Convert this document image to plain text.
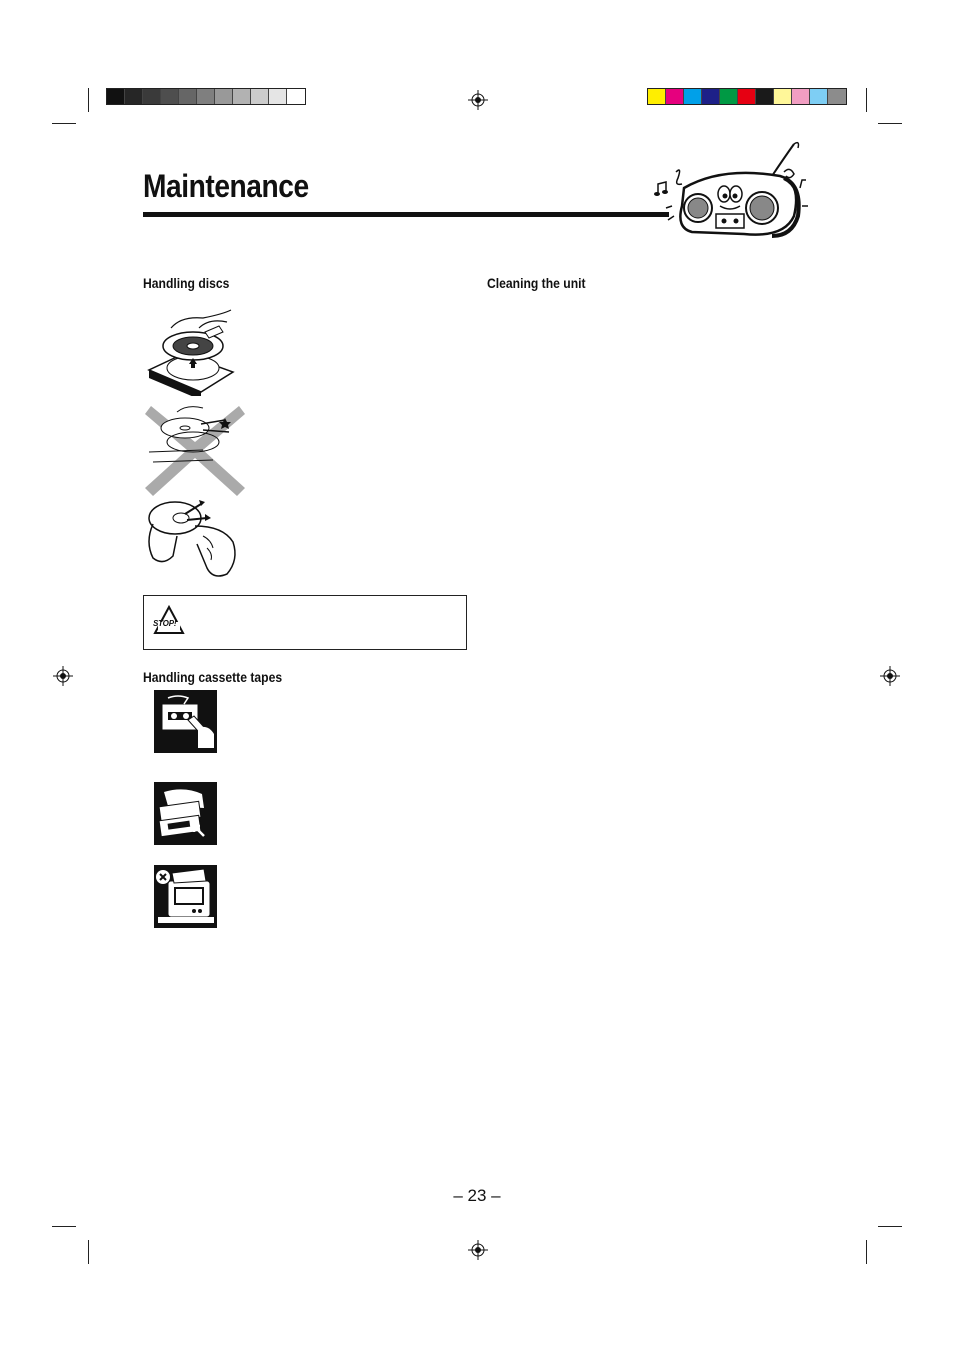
Maintenance
Handling discs	Cleaning the unit
Handling cassette tapes
STOP!
– 23 –
